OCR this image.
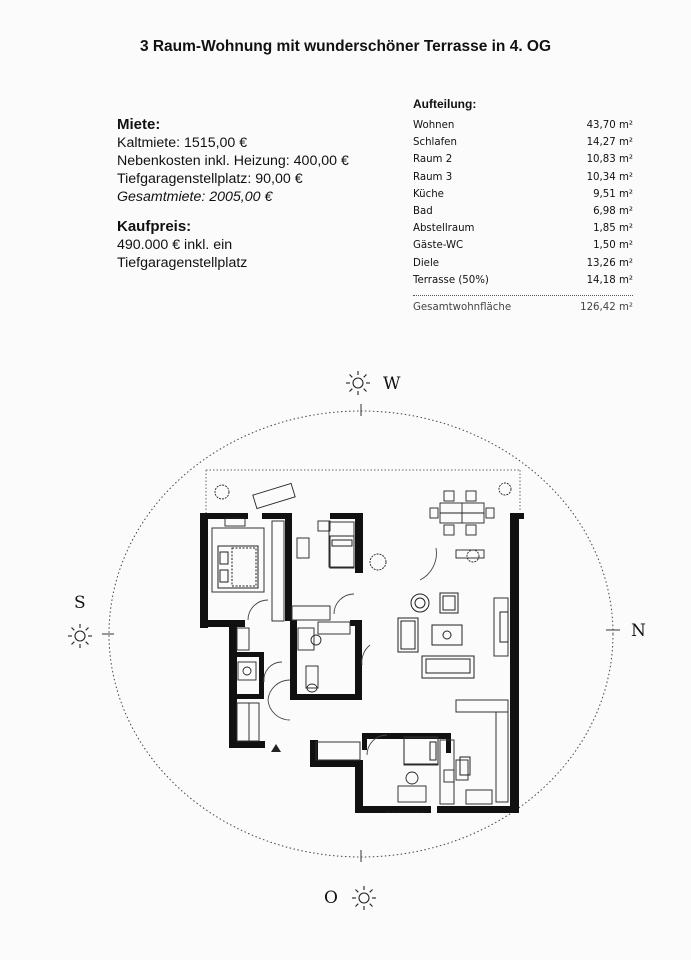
3 Raum-Wohnung mit wunderschöner Terrasse in 4. OG
Miete:
Kaltmiete: 1515,00 €
Nebenkosten inkl. Heizung: 400,00 €
Tiefgaragenstellplatz: 90,00 €
Gesamtmiete: 2005,00 €
Kaufpreis:
490.000 € inkl. ein
Tiefgaragenstellplatz
Aufteilung:
Wohnen	43,70 m²
Schlafen	14,27 m²
Raum 2	10,83 m²
Raum 3	10,34 m²
Küche	9,51 m²
Bad	6,98 m²
Abstellraum	1,85 m²
Gäste-WC	1,50 m²
Diele	13,26 m²
Terrasse (50%)	14,18 m²
Gesamtwohnfläche	126,42 m²
W
S
N
O
